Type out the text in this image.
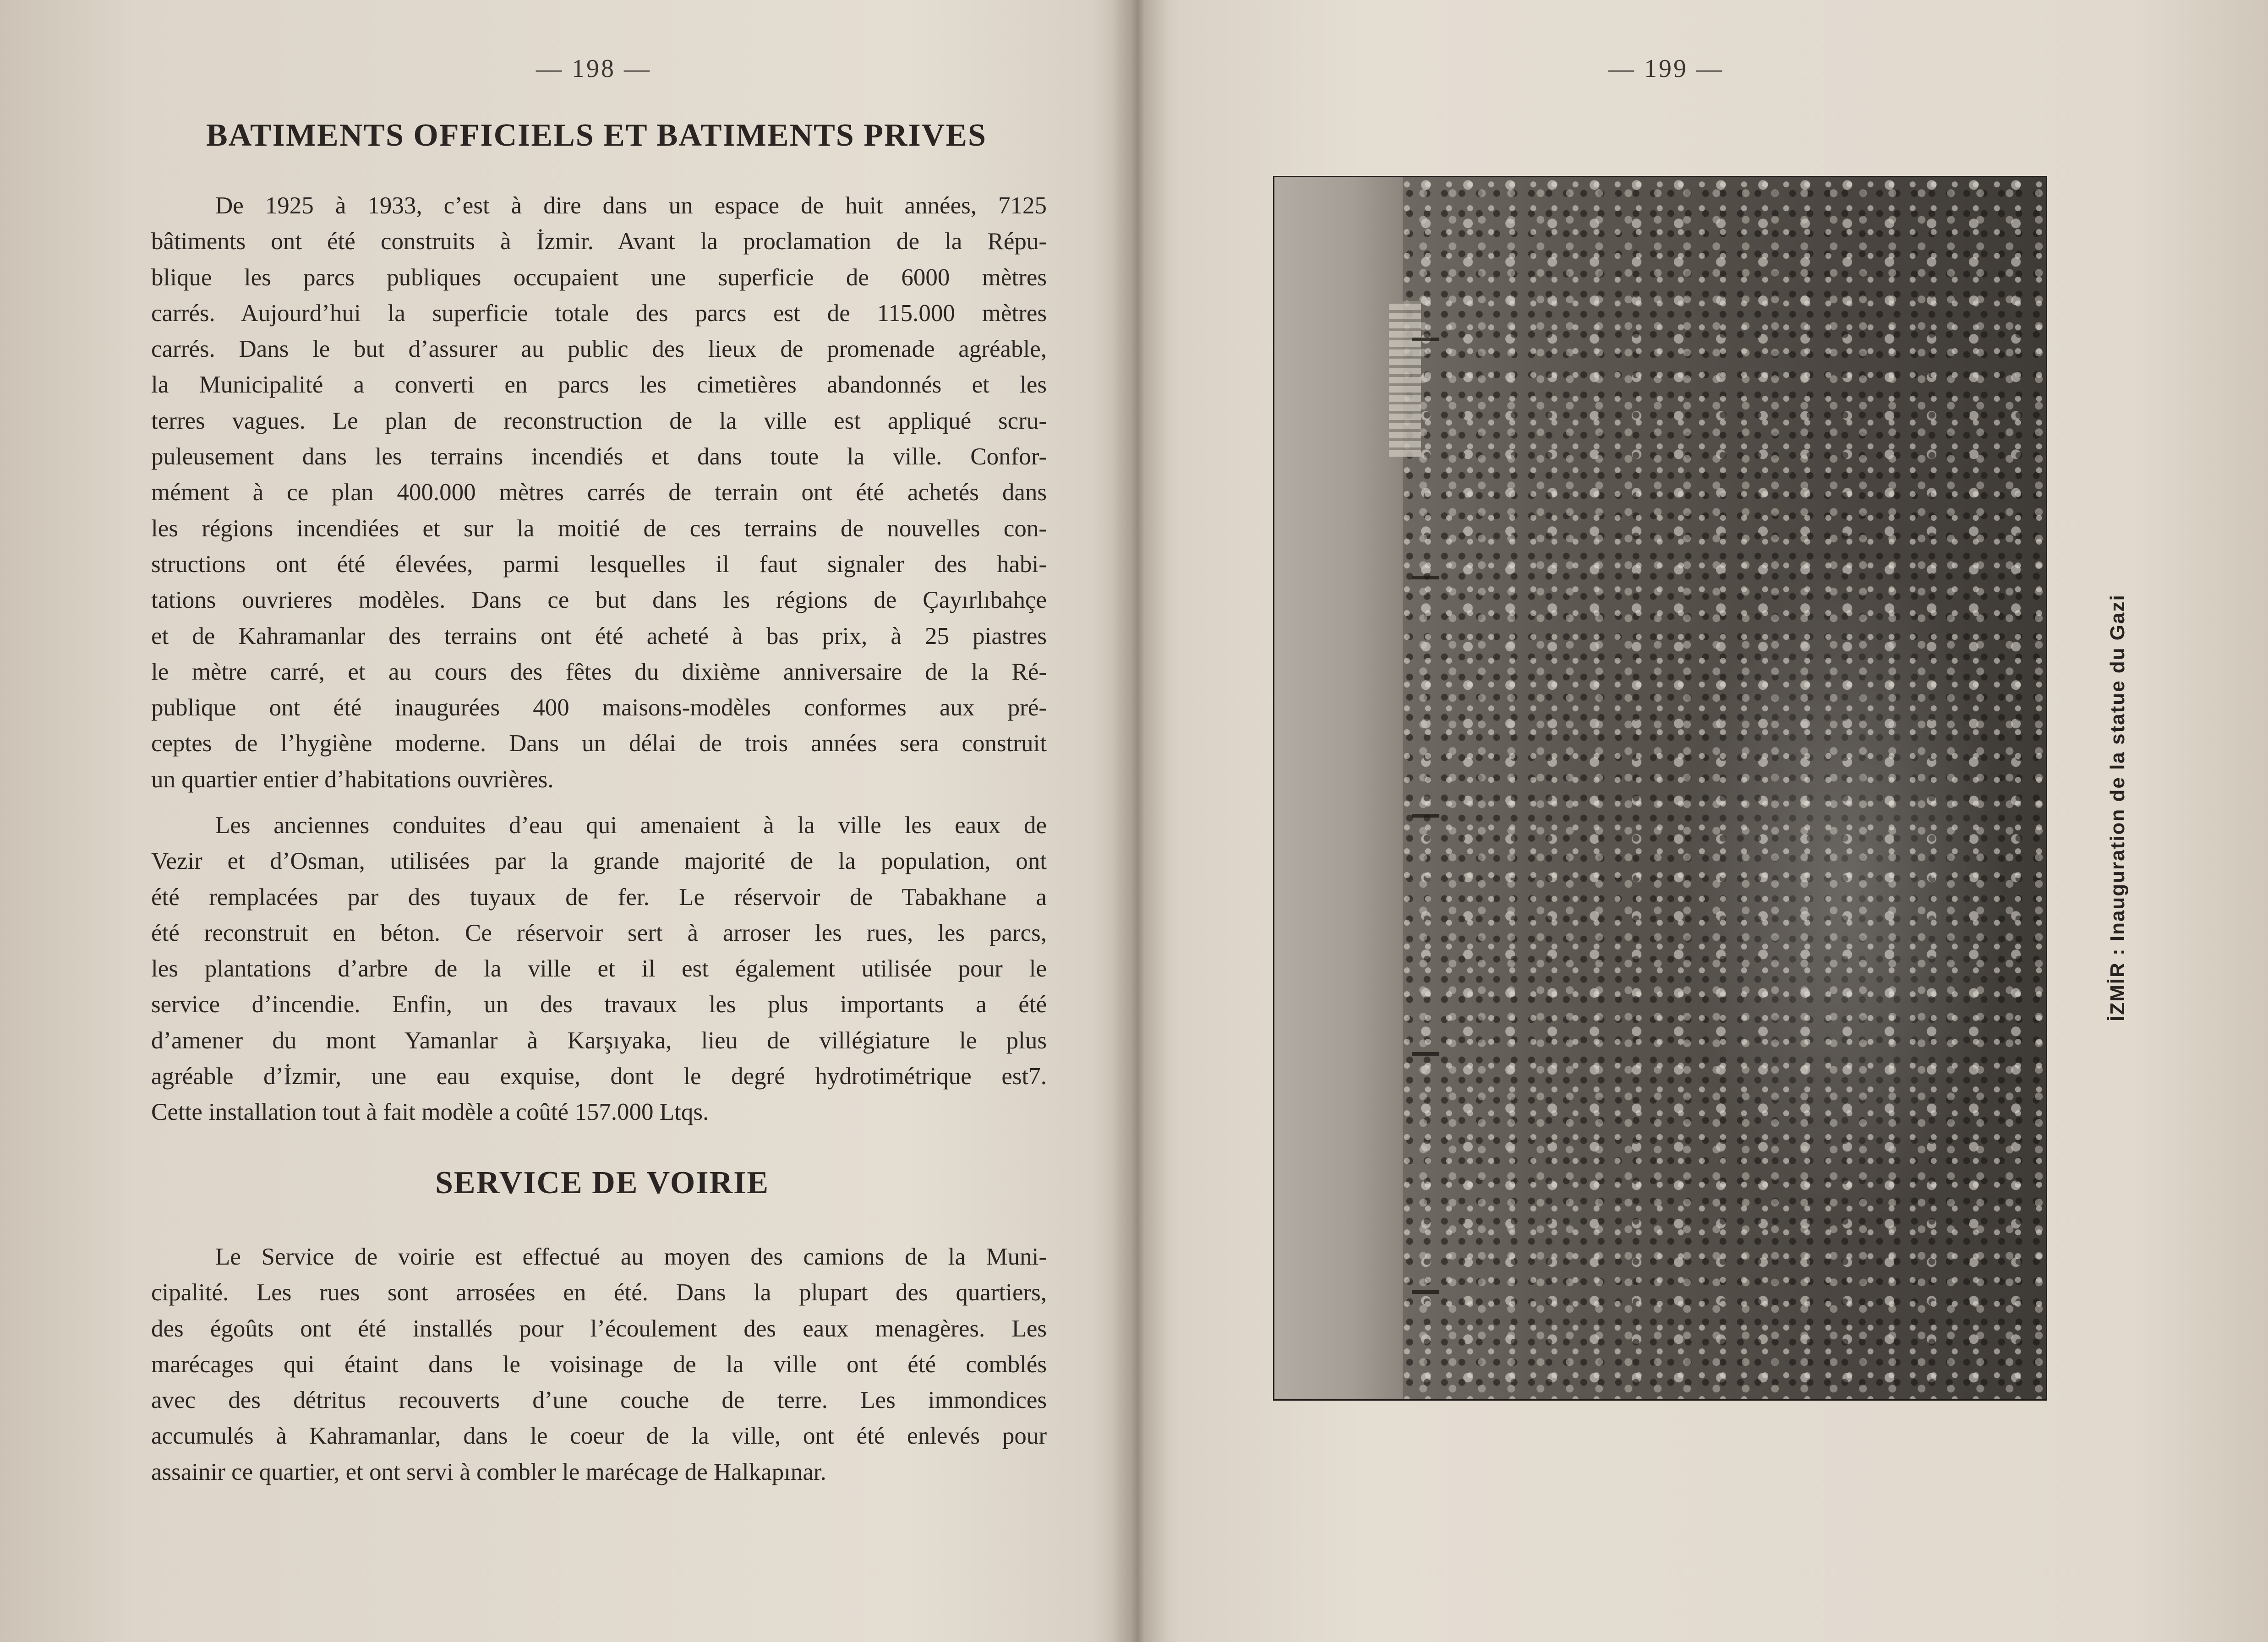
— 198 —
BATIMENTS OFFICIELS ET BATIMENTS PRIVES
De 1925 à 1933, c’est à dire dans un espace de huit années, 7125
bâtiments ont été construits à İzmir. Avant la proclamation de la Répu-
blique les parcs publiques occupaient une superficie de 6000 mètres
carrés. Aujourd’hui la superficie totale des parcs est de 115.000 mètres
carrés. Dans le but d’assurer au public des lieux de promenade agréable,
la Municipalité a converti en parcs les cimetières abandonnés et les
terres vagues. Le plan de reconstruction de la ville est appliqué scru-
puleusement dans les terrains incendiés et dans toute la ville. Confor-
mément à ce plan 400.000 mètres carrés de terrain ont été achetés dans
les régions incendiées et sur la moitié de ces terrains de nouvelles con-
structions ont été élevées, parmi lesquelles il faut signaler des habi-
tations ouvrieres modèles. Dans ce but dans les régions de Çayırlıbahçe
et de Kahramanlar des terrains ont été acheté à bas prix, à 25 piastres
le mètre carré, et au cours des fêtes du dixième anniversaire de la Ré-
publique ont été inaugurées 400 maisons-modèles conformes aux pré-
ceptes de l’hygiène moderne. Dans un délai de trois années sera construit
un quartier entier d’habitations ouvrières.
Les anciennes conduites d’eau qui amenaient à la ville les eaux de
Vezir et d’Osman, utilisées par la grande majorité de la population, ont
été remplacées par des tuyaux de fer. Le réservoir de Tabakhane a
été reconstruit en béton. Ce réservoir sert à arroser les rues, les parcs,
les plantations d’arbre de la ville et il est également utilisée pour le
service d’incendie. Enfin, un des travaux les plus importants a été
d’amener du mont Yamanlar à Karşıyaka, lieu de villégiature le plus
agréable d’İzmir, une eau exquise, dont le degré hydrotimétrique est7.
Cette installation tout à fait modèle a coûté 157.000 Ltqs.
SERVICE DE VOIRIE
Le Service de voirie est effectué au moyen des camions de la Muni-
cipalité. Les rues sont arrosées en été. Dans la plupart des quartiers,
des égoûts ont été installés pour l’écoulement des eaux menagères. Les
marécages qui étaint dans le voisinage de la ville ont été comblés
avec des détritus recouverts d’une couche de terre. Les immondices
accumulés à Kahramanlar, dans le coeur de la ville, ont été enlevés pour
assainir ce quartier, et ont servi à combler le marécage de Halkapınar.
— 199 —
İZMİR : Inauguration de la statue du Gazi
